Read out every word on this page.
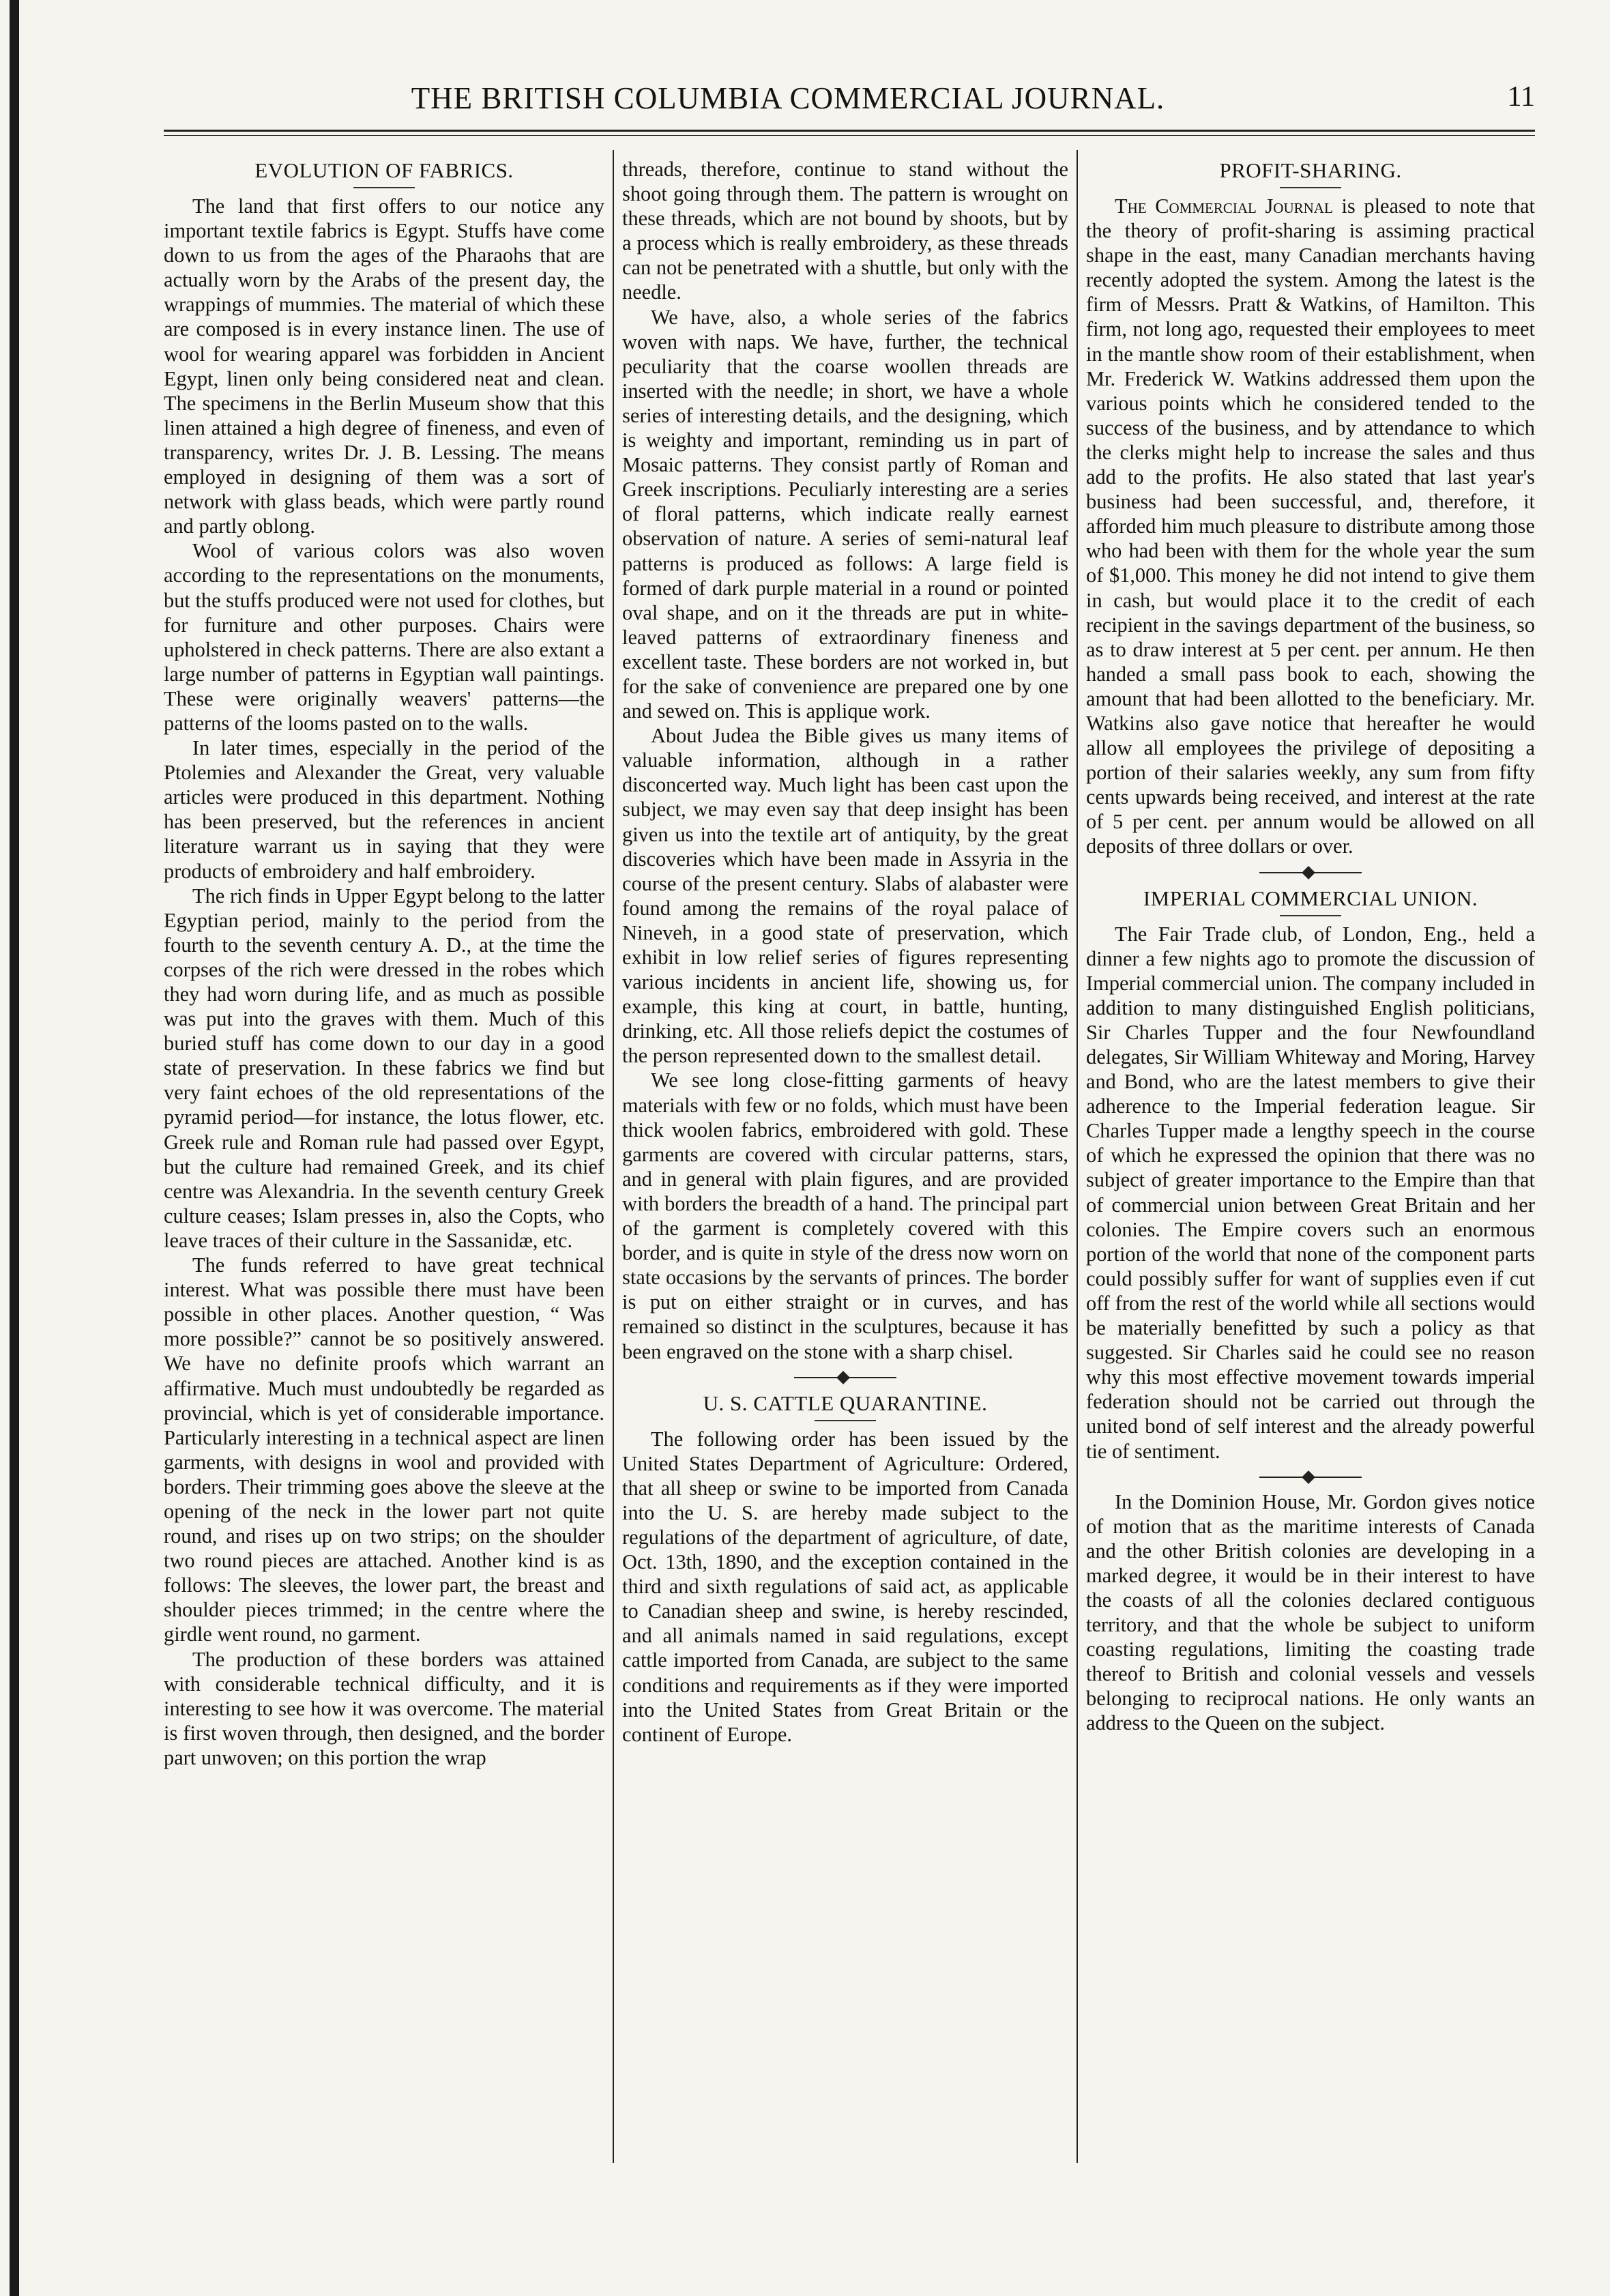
THE BRITISH COLUMBIA COMMERCIAL JOURNAL.	11
EVOLUTION OF FABRICS.

The land that first offers to our notice any important textile fabrics is Egypt. Stuffs have come down to us from the ages of the Pharaohs that are actually worn by the Arabs of the present day, the wrappings of mummies. The material of which these are composed is in every instance linen. The use of wool for wearing apparel was forbidden in Ancient Egypt, linen only being considered neat and clean. The specimens in the Berlin Museum show that this linen attained a high degree of fineness, and even of transparency, writes Dr. J. B. Lessing. The means employed in designing of them was a sort of network with glass beads, which were partly round and partly oblong.

Wool of various colors was also woven according to the representations on the monuments, but the stuffs produced were not used for clothes, but for furniture and other purposes. Chairs were upholstered in check patterns. There are also extant a large number of patterns in Egyptian wall paintings. These were originally weavers' patterns—the patterns of the looms pasted on to the walls.

In later times, especially in the period of the Ptolemies and Alexander the Great, very valuable articles were produced in this department. Nothing has been preserved, but the references in ancient literature warrant us in saying that they were products of embroidery and half embroidery.

The rich finds in Upper Egypt belong to the latter Egyptian period, mainly to the period from the fourth to the seventh century A. D., at the time the corpses of the rich were dressed in the robes which they had worn during life, and as much as possible was put into the graves with them. Much of this buried stuff has come down to our day in a good state of preservation. In these fabrics we find but very faint echoes of the old representations of the pyramid period—for instance, the lotus flower, etc. Greek rule and Roman rule had passed over Egypt, but the culture had remained Greek, and its chief centre was Alexandria. In the seventh century Greek culture ceases; Islam presses in, also the Copts, who leave traces of their culture in the Sassanidæ, etc.

The funds referred to have great technical interest. What was possible there must have been possible in other places. Another question, “ Was more possible?” cannot be so positively answered. We have no definite proofs which warrant an affirmative. Much must undoubtedly be regarded as provincial, which is yet of considerable importance. Particularly interesting in a technical aspect are linen garments, with designs in wool and provided with borders. Their trimming goes above the sleeve at the opening of the neck in the lower part not quite round, and rises up on two strips; on the shoulder two round pieces are attached. Another kind is as follows: The sleeves, the lower part, the breast and shoulder pieces trimmed; in the centre where the girdle went round, no garment.

The production of these borders was attained with considerable technical difficulty, and it is interesting to see how it was overcome. The material is first woven through, then designed, and the border part unwoven; on this portion the wrap

threads, therefore, continue to stand without the shoot going through them. The pattern is wrought on these threads, which are not bound by shoots, but by a process which is really embroidery, as these threads can not be penetrated with a shuttle, but only with the needle.

We have, also, a whole series of the fabrics woven with naps. We have, further, the technical peculiarity that the coarse woollen threads are inserted with the needle; in short, we have a whole series of interesting details, and the designing, which is weighty and important, reminding us in part of Mosaic patterns. They consist partly of Roman and Greek inscriptions. Peculiarly interesting are a series of floral patterns, which indicate really earnest observation of nature. A series of semi-natural leaf patterns is produced as follows: A large field is formed of dark purple material in a round or pointed oval shape, and on it the threads are put in white-leaved patterns of extraordinary fineness and excellent taste. These borders are not worked in, but for the sake of convenience are prepared one by one and sewed on. This is applique work.

About Judea the Bible gives us many items of valuable information, although in a rather disconcerted way. Much light has been cast upon the subject, we may even say that deep insight has been given us into the textile art of antiquity, by the great discoveries which have been made in Assyria in the course of the present century. Slabs of alabaster were found among the remains of the royal palace of Nineveh, in a good state of preservation, which exhibit in low relief series of figures representing various incidents in ancient life, showing us, for example, this king at court, in battle, hunting, drinking, etc. All those reliefs depict the costumes of the person represented down to the smallest detail.

We see long close-fitting garments of heavy materials with few or no folds, which must have been thick woolen fabrics, embroidered with gold. These garments are covered with circular patterns, stars, and in general with plain figures, and are provided with borders the breadth of a hand. The principal part of the garment is completely covered with this border, and is quite in style of the dress now worn on state occasions by the servants of princes. The border is put on either straight or in curves, and has remained so distinct in the sculptures, because it has been engraved on the stone with a sharp chisel.

U. S. CATTLE QUARANTINE.

The following order has been issued by the United States Department of Agriculture: Ordered, that all sheep or swine to be imported from Canada into the U. S. are hereby made subject to the regulations of the department of agriculture, of date, Oct. 13th, 1890, and the exception contained in the third and sixth regulations of said act, as applicable to Canadian sheep and swine, is hereby rescinded, and all animals named in said regulations, except cattle imported from Canada, are subject to the same conditions and requirements as if they were imported into the United States from Great Britain or the continent of Europe.

PROFIT-SHARING.

The Commercial Journal is pleased to note that the theory of profit-sharing is assiming practical shape in the east, many Canadian merchants having recently adopted the system. Among the latest is the firm of Messrs. Pratt & Watkins, of Hamilton. This firm, not long ago, requested their employees to meet in the mantle show room of their establishment, when Mr. Frederick W. Watkins addressed them upon the various points which he considered tended to the success of the business, and by attendance to which the clerks might help to increase the sales and thus add to the profits. He also stated that last year's business had been successful, and, therefore, it afforded him much pleasure to distribute among those who had been with them for the whole year the sum of $1,000. This money he did not intend to give them in cash, but would place it to the credit of each recipient in the savings department of the business, so as to draw interest at 5 per cent. per annum. He then handed a small pass book to each, showing the amount that had been allotted to the beneficiary. Mr. Watkins also gave notice that hereafter he would allow all employees the privilege of depositing a portion of their salaries weekly, any sum from fifty cents upwards being received, and interest at the rate of 5 per cent. per annum would be allowed on all deposits of three dollars or over.

IMPERIAL COMMERCIAL UNION.

The Fair Trade club, of London, Eng., held a dinner a few nights ago to promote the discussion of Imperial commercial union. The company included in addition to many distinguished English politicians, Sir Charles Tupper and the four Newfoundland delegates, Sir William Whiteway and Moring, Harvey and Bond, who are the latest members to give their adherence to the Imperial federation league. Sir Charles Tupper made a lengthy speech in the course of which he expressed the opinion that there was no subject of greater importance to the Empire than that of commercial union between Great Britain and her colonies. The Empire covers such an enormous portion of the world that none of the component parts could possibly suffer for want of supplies even if cut off from the rest of the world while all sections would be materially benefitted by such a policy as that suggested. Sir Charles said he could see no reason why this most effective movement towards imperial federation should not be carried out through the united bond of self interest and the already powerful tie of sentiment.

In the Dominion House, Mr. Gordon gives notice of motion that as the maritime interests of Canada and the other British colonies are developing in a marked degree, it would be in their interest to have the coasts of all the colonies declared contiguous territory, and that the whole be subject to uniform coasting regulations, limiting the coasting trade thereof to British and colonial vessels and vessels belonging to reciprocal nations. He only wants an address to the Queen on the subject.
